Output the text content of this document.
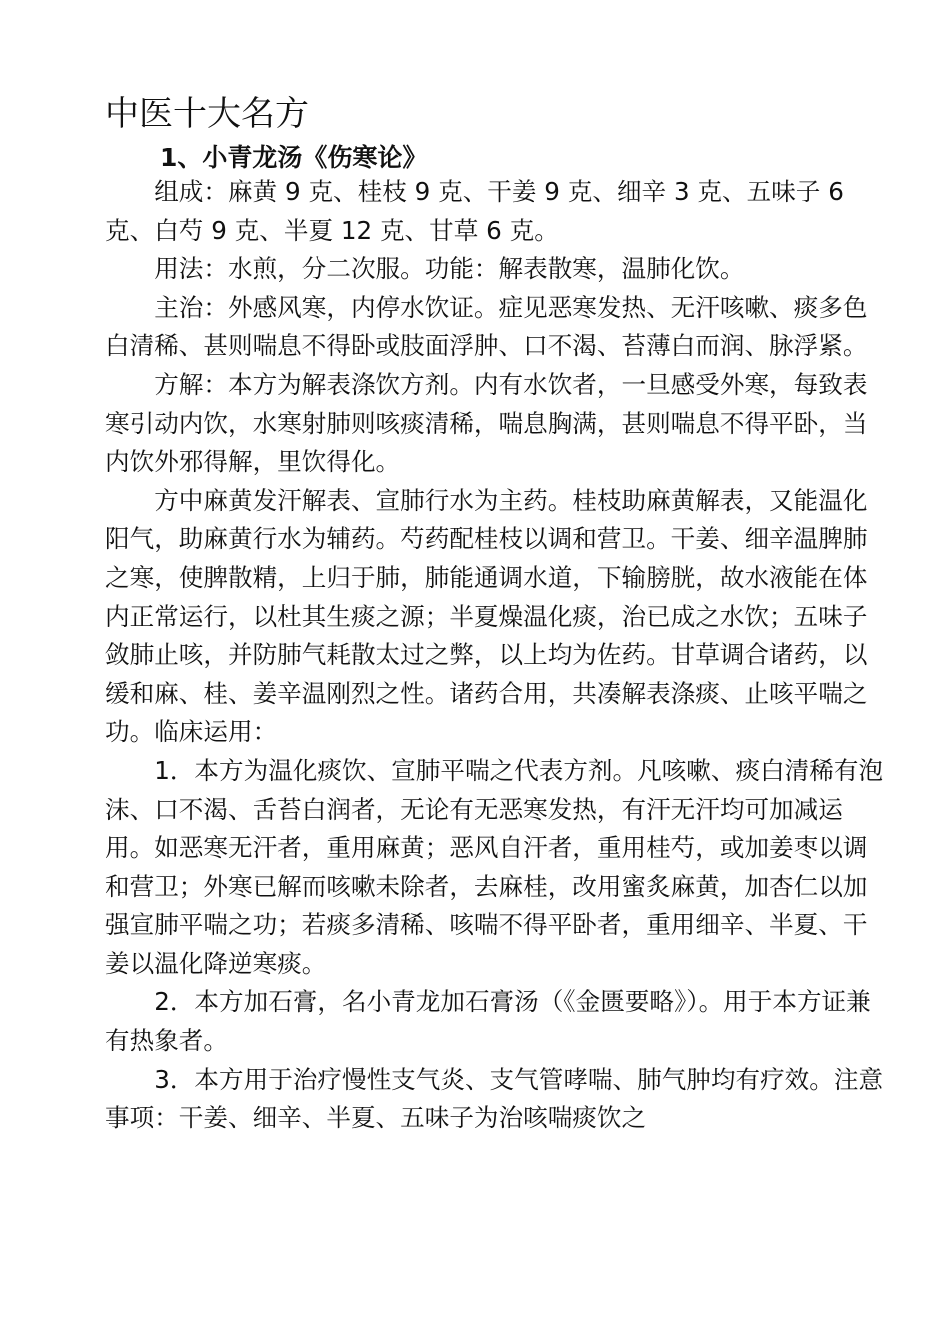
中医十大名方
1、小青龙汤《伤寒论》

组成：麻黄 9 克、桂枝 9 克、干姜 9 克、细辛 3 克、五味子 6 克、白芍 9 克、半夏 12 克、甘草 6 克。

用法：水煎，分二次服。功能：解表散寒，温肺化饮。

主治：外感风寒，内停水饮证。症见恶寒发热、无汗咳嗽、痰多色白清稀、甚则喘息不得卧或肢面浮肿、口不渴、苔薄白而润、脉浮紧。

方解：本方为解表涤饮方剂。内有水饮者，一旦感受外寒，每致表寒引动内饮，水寒射肺则咳痰清稀，喘息胸满，甚则喘息不得平卧，当内饮外邪得解，里饮得化。

方中麻黄发汗解表、宣肺行水为主药。桂枝助麻黄解表，又能温化阳气，助麻黄行水为辅药。芍药配桂枝以调和营卫。干姜、细辛温脾肺之寒，使脾散精，上归于肺，肺能通调水道，下输膀胱，故水液能在体内正常运行，以杜其生痰之源；半夏燥温化痰，治已成之水饮；五味子敛肺止咳，并防肺气耗散太过之弊，以上均为佐药。甘草调合诸药，以缓和麻、桂、姜辛温刚烈之性。诸药合用，共凑解表涤痰、止咳平喘之功。临床运用：

1．本方为温化痰饮、宣肺平喘之代表方剂。凡咳嗽、痰白清稀有泡沫、口不渴、舌苔白润者，无论有无恶寒发热，有汗无汗均可加减运用。如恶寒无汗者，重用麻黄；恶风自汗者，重用桂芍，或加姜枣以调和营卫；外寒已解而咳嗽未除者，去麻桂，改用蜜炙麻黄，加杏仁以加强宣肺平喘之功；若痰多清稀、咳喘不得平卧者，重用细辛、半夏、干姜以温化降逆寒痰。

2．本方加石膏，名小青龙加石膏汤（《金匮要略》）。用于本方证兼有热象者。

3．本方用于治疗慢性支气炎、支气管哮喘、肺气肿均有疗效。注意事项：干姜、细辛、半夏、五味子为治咳喘痰饮之
